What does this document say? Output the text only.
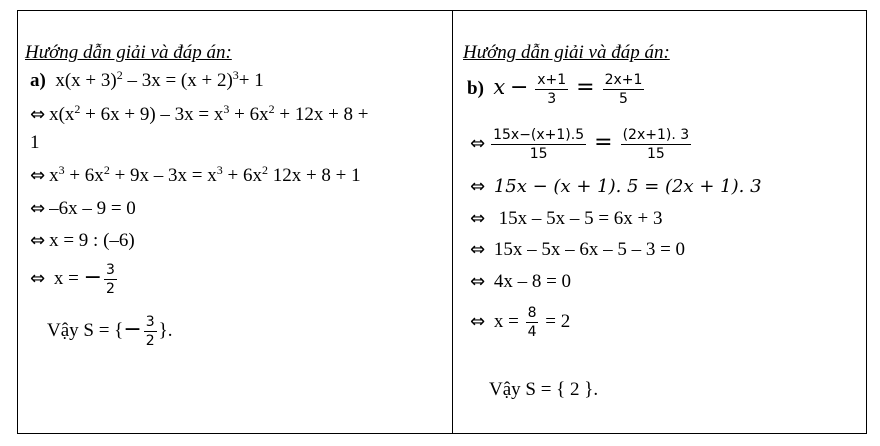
Hướng dẫn giải và đáp án:
a) $x(x + 3)^2 - 3x = (x + 2)^3+ 1$
⇔ $x(x^2 + 6x + 9) - 3x = x^3 + 6x^2 + 12x + 8$ +
1
⇔ $x^3 + 6x^2 + 9x - 3x = x^3 + 6x^2$ 12x + 8 + 1
⇔ –6x – 9 = 0
⇔ x = 9 : (–6)
⇔ x = − $\frac{3}{2}$
Vậy S = {− $\frac{3}{2}$ }.
Hướng dẫn giải và đáp án:
b) $x - \frac{x+1}{3} = \frac{2x+1}{5}$
⇔ $\frac{15x-(x+1).5}{15} = \frac{(2x+1). 3}{15}$
⇔ 15x − (x + 1). 5 = (2x + 1). 3
⇔ 15x – 5x – 5 = 6x + 3
⇔ 15x – 5x – 6x – 5 – 3 = 0
⇔ 4x – 8 = 0
⇔ $x = \frac{8}{4} = 2$
Vậy S = { 2 }.
